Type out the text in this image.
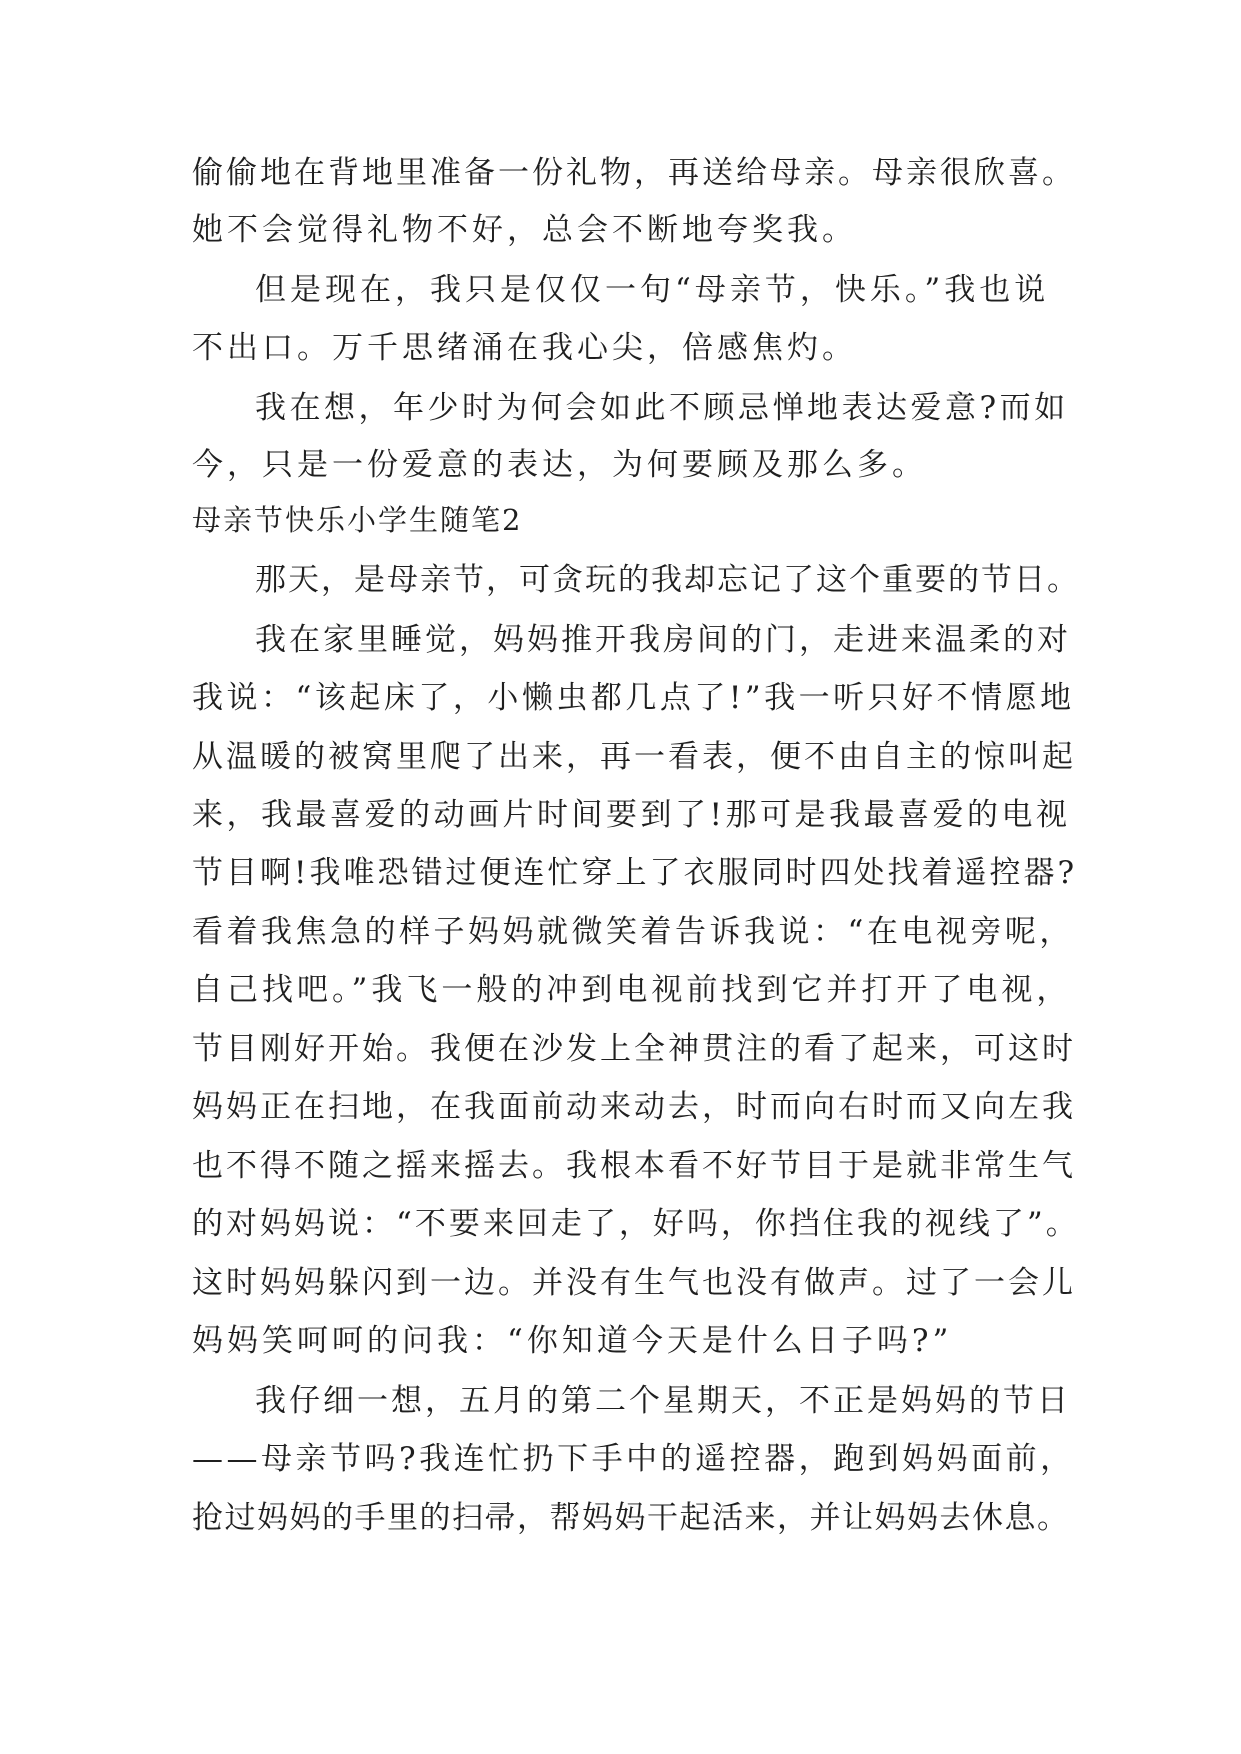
偷偷地在背地里准备一份礼物，再送给母亲。母亲很欣喜。
她不会觉得礼物不好，总会不断地夸奖我。
但是现在，我只是仅仅一句“母亲节，快乐。”我也说
不出口。万千思绪涌在我心尖，倍感焦灼。
我在想，年少时为何会如此不顾忌惮地表达爱意?而如
今，只是一份爱意的表达，为何要顾及那么多。
母亲节快乐小学生随笔2
那天，是母亲节，可贪玩的我却忘记了这个重要的节日。
我在家里睡觉，妈妈推开我房间的门，走进来温柔的对
我说：“该起床了，小懒虫都几点了!”我一听只好不情愿地
从温暖的被窝里爬了出来，再一看表，便不由自主的惊叫起
来，我最喜爱的动画片时间要到了!那可是我最喜爱的电视
节目啊!我唯恐错过便连忙穿上了衣服同时四处找着遥控器?
看着我焦急的样子妈妈就微笑着告诉我说：“在电视旁呢，
自己找吧。”我飞一般的冲到电视前找到它并打开了电视，
节目刚好开始。我便在沙发上全神贯注的看了起来，可这时
妈妈正在扫地，在我面前动来动去，时而向右时而又向左我
也不得不随之摇来摇去。我根本看不好节目于是就非常生气
的对妈妈说：“不要来回走了，好吗，你挡住我的视线了”。
这时妈妈躲闪到一边。并没有生气也没有做声。过了一会儿
妈妈笑呵呵的问我：“你知道今天是什么日子吗?”
我仔细一想，五月的第二个星期天，不正是妈妈的节日
——母亲节吗?我连忙扔下手中的遥控器，跑到妈妈面前，
抢过妈妈的手里的扫帚，帮妈妈干起活来，并让妈妈去休息。
